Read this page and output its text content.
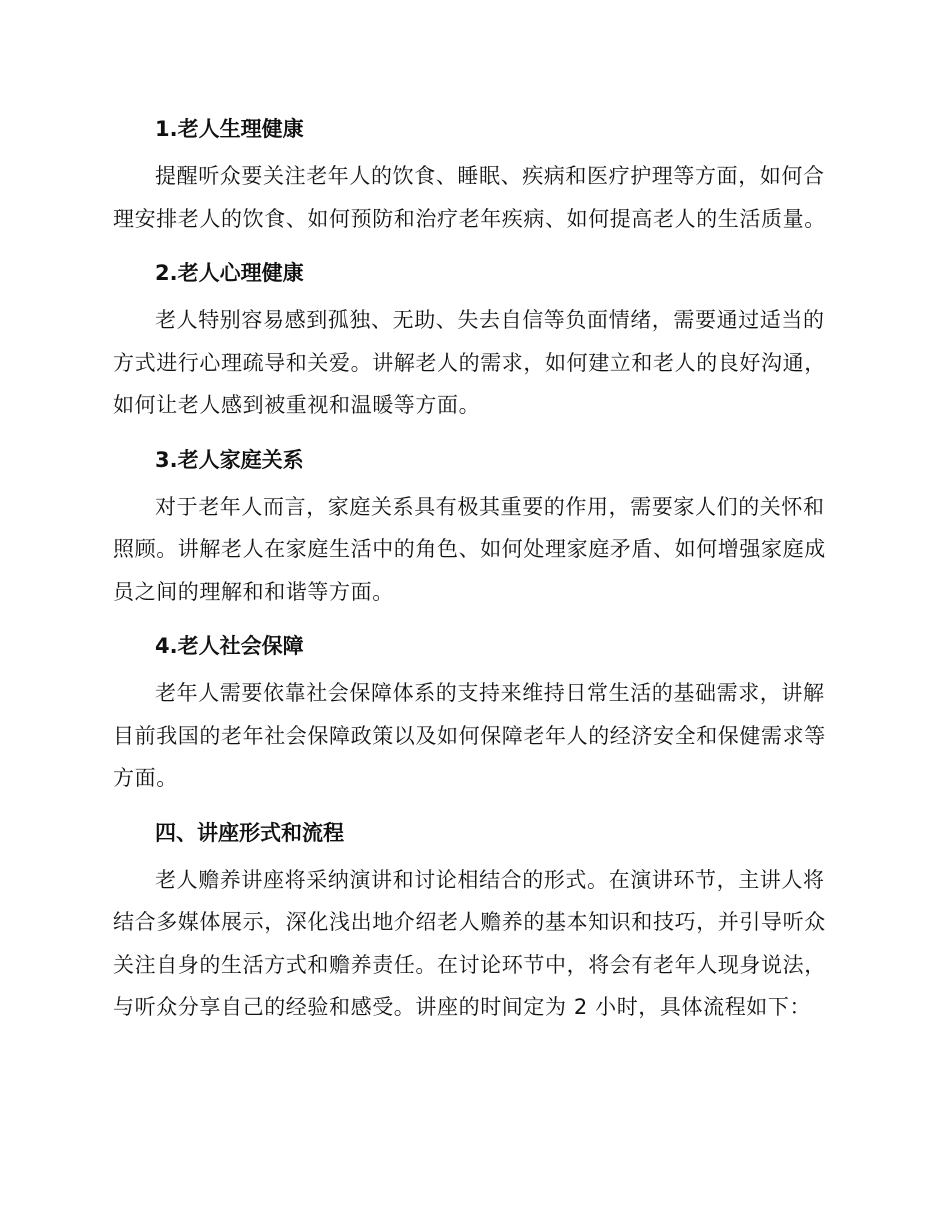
1.老人生理健康

提醒听众要关注老年人的饮食、睡眠、疾病和医疗护理等方面，如何合理安排老人的饮食、如何预防和治疗老年疾病、如何提高老人的生活质量。

2.老人心理健康

老人特别容易感到孤独、无助、失去自信等负面情绪，需要通过适当的方式进行心理疏导和关爱。讲解老人的需求，如何建立和老人的良好沟通，如何让老人感到被重视和温暖等方面。

3.老人家庭关系

对于老年人而言，家庭关系具有极其重要的作用，需要家人们的关怀和照顾。讲解老人在家庭生活中的角色、如何处理家庭矛盾、如何增强家庭成员之间的理解和和谐等方面。

4.老人社会保障

老年人需要依靠社会保障体系的支持来维持日常生活的基础需求，讲解目前我国的老年社会保障政策以及如何保障老年人的经济安全和保健需求等方面。

四、讲座形式和流程

老人赡养讲座将采纳演讲和讨论相结合的形式。在演讲环节，主讲人将结合多媒体展示，深化浅出地介绍老人赡养的基本知识和技巧，并引导听众关注自身的生活方式和赡养责任。在讨论环节中，将会有老年人现身说法，与听众分享自己的经验和感受。讲座的时间定为 2 小时，具体流程如下：
